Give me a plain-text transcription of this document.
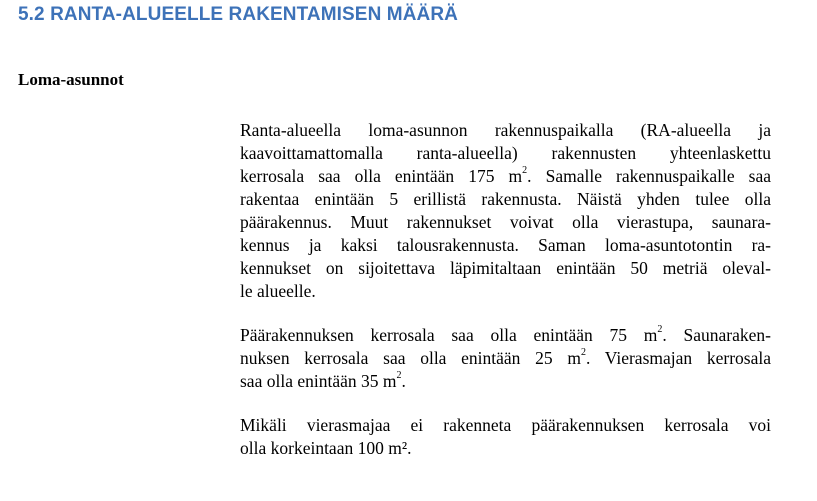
5.2 RANTA-ALUEELLE RAKENTAMISEN MÄÄRÄ
Loma-asunnot

Ranta-alueella loma-asunnon rakennuspaikalla (RA-alueella ja
kaavoittamattomalla ranta-alueella) rakennusten yhteenlaskettu
kerrosala saa olla enintään 175 $m^2$. Samalle rakennuspaikalle saa
rakentaa enintään 5 erillistä rakennusta. Näistä yhden tulee olla
päärakennus. Muut rakennukset voivat olla vierastupa, saunara-
kennus ja kaksi talousrakennusta. Saman loma-asuntotontin ra-
kennukset on sijoitettava läpimitaltaan enintään 50 metriä oleval-
le alueelle.

Päärakennuksen kerrosala saa olla enintään 75 $m^2$. Saunaraken-
nuksen kerrosala saa olla enintään 25 $m^2$. Vierasmajan kerrosala
saa olla enintään 35 $m^2$.

Mikäli vierasmajaa ei rakenneta päärakennuksen kerrosala voi
olla korkeintaan 100 m².
